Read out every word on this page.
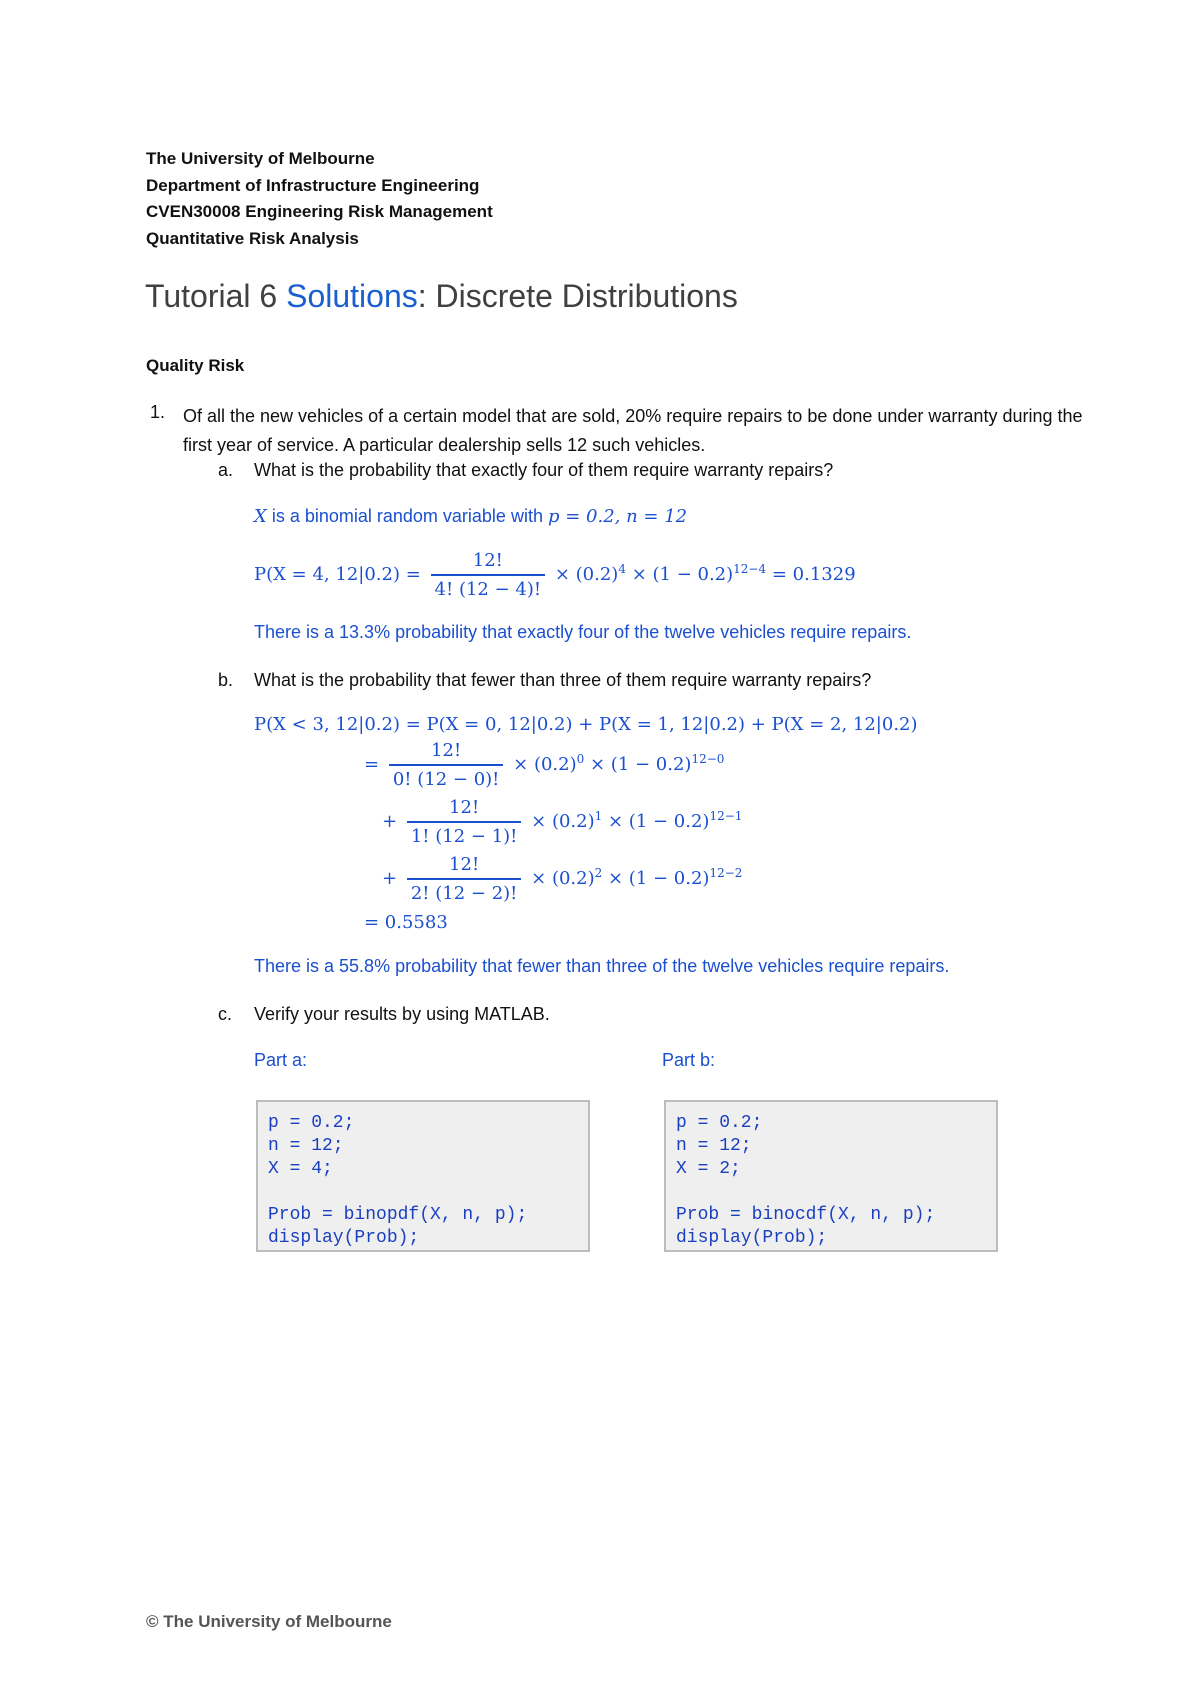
The University of Melbourne
Department of Infrastructure Engineering
CVEN30008 Engineering Risk Management
Quantitative Risk Analysis
Tutorial 6 Solutions: Discrete Distributions
Quality Risk
1. Of all the new vehicles of a certain model that are sold, 20% require repairs to be done under warranty during the first year of service. A particular dealership sells 12 such vehicles.
a. What is the probability that exactly four of them require warranty repairs?
X is a binomial random variable with p = 0.2, n = 12
P(X = 4, $12|0.2) = \frac{12!}{4! (12 - 4)!} \times (0.2)^4 \times (1 - 0.2)^{12-4} = 0.1329$
There is a 13.3% probability that exactly four of the twelve vehicles require repairs.
b. What is the probability that fewer than three of them require warranty repairs?
P(X < 3, 12|0.2) = P(X = 0, 12|0.2) + P(X = 1, 12|0.2) + P(X = 2, 12|0.2)
= $\frac{12!}{0! (12 - 0)!} \times (0.2)^0 \times (1 - 0.2)^{12-0}$
+ $\frac{12!}{1! (12 - 1)!} \times (0.2)^1 \times (1 - 0.2)^{12-1}$
+ $\frac{12!}{2! (12 - 2)!} \times (0.2)^2 \times (1 - 0.2)^{12-2}$
= 0.5583
There is a 55.8% probability that fewer than three of the twelve vehicles require repairs.
c. Verify your results by using MATLAB.
Part a:	Part b:
p = 0.2;
n = 12;
X = 4;

Prob = binopdf(X, n, p);
display(Prob);
p = 0.2;
n = 12;
X = 2;

Prob = binocdf(X, n, p);
display(Prob);
© The University of Melbourne
